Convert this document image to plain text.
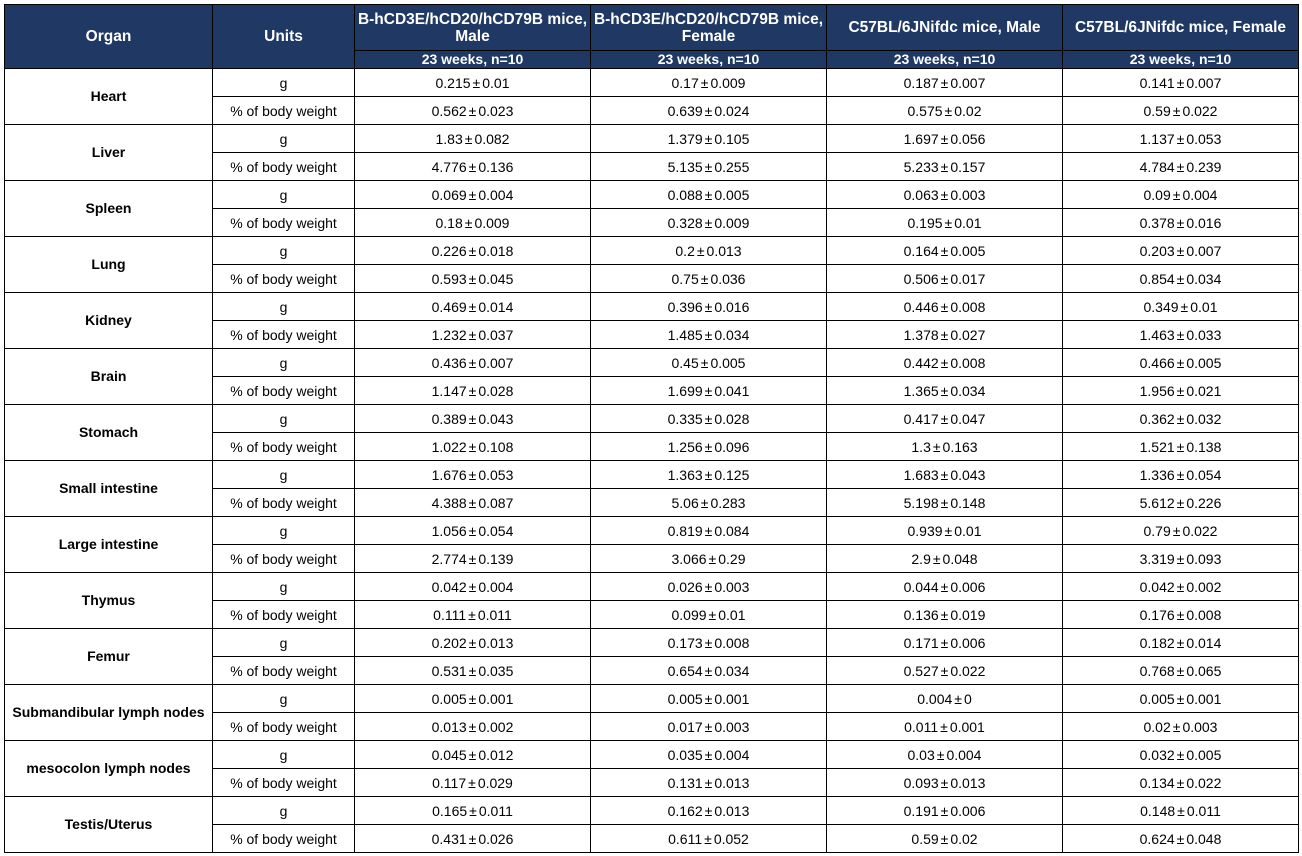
Organ	Units	B-hCD3E/hCD20/hCD79B mice, Male	B-hCD3E/hCD20/hCD79B mice, Female	C57BL/6JNifdc mice, Male	C57BL/6JNifdc mice, Female
		23 weeks, n=10	23 weeks, n=10	23 weeks, n=10	23 weeks, n=10
Heart	g	0.215 ± 0.01	0.17 ± 0.009	0.187 ± 0.007	0.141 ± 0.007
	% of body weight	0.562 ± 0.023	0.639 ± 0.024	0.575 ± 0.02	0.59 ± 0.022
Liver	g	1.83 ± 0.082	1.379 ± 0.105	1.697 ± 0.056	1.137 ± 0.053
	% of body weight	4.776 ± 0.136	5.135 ± 0.255	5.233 ± 0.157	4.784 ± 0.239
Spleen	g	0.069 ± 0.004	0.088 ± 0.005	0.063 ± 0.003	0.09 ± 0.004
	% of body weight	0.18 ± 0.009	0.328 ± 0.009	0.195 ± 0.01	0.378 ± 0.016
Lung	g	0.226 ± 0.018	0.2 ± 0.013	0.164 ± 0.005	0.203 ± 0.007
	% of body weight	0.593 ± 0.045	0.75 ± 0.036	0.506 ± 0.017	0.854 ± 0.034
Kidney	g	0.469 ± 0.014	0.396 ± 0.016	0.446 ± 0.008	0.349 ± 0.01
	% of body weight	1.232 ± 0.037	1.485 ± 0.034	1.378 ± 0.027	1.463 ± 0.033
Brain	g	0.436 ± 0.007	0.45 ± 0.005	0.442 ± 0.008	0.466 ± 0.005
	% of body weight	1.147 ± 0.028	1.699 ± 0.041	1.365 ± 0.034	1.956 ± 0.021
Stomach	g	0.389 ± 0.043	0.335 ± 0.028	0.417 ± 0.047	0.362 ± 0.032
	% of body weight	1.022 ± 0.108	1.256 ± 0.096	1.3 ± 0.163	1.521 ± 0.138
Small intestine	g	1.676 ± 0.053	1.363 ± 0.125	1.683 ± 0.043	1.336 ± 0.054
	% of body weight	4.388 ± 0.087	5.06 ± 0.283	5.198 ± 0.148	5.612 ± 0.226
Large intestine	g	1.056 ± 0.054	0.819 ± 0.084	0.939 ± 0.01	0.79 ± 0.022
	% of body weight	2.774 ± 0.139	3.066 ± 0.29	2.9 ± 0.048	3.319 ± 0.093
Thymus	g	0.042 ± 0.004	0.026 ± 0.003	0.044 ± 0.006	0.042 ± 0.002
	% of body weight	0.111 ± 0.011	0.099 ± 0.01	0.136 ± 0.019	0.176 ± 0.008
Femur	g	0.202 ± 0.013	0.173 ± 0.008	0.171 ± 0.006	0.182 ± 0.014
	% of body weight	0.531 ± 0.035	0.654 ± 0.034	0.527 ± 0.022	0.768 ± 0.065
Submandibular lymph nodes	g	0.005 ± 0.001	0.005 ± 0.001	0.004 ± 0	0.005 ± 0.001
	% of body weight	0.013 ± 0.002	0.017 ± 0.003	0.011 ± 0.001	0.02 ± 0.003
mesocolon lymph nodes	g	0.045 ± 0.012	0.035 ± 0.004	0.03 ± 0.004	0.032 ± 0.005
	% of body weight	0.117 ± 0.029	0.131 ± 0.013	0.093 ± 0.013	0.134 ± 0.022
Testis/Uterus	g	0.165 ± 0.011	0.162 ± 0.013	0.191 ± 0.006	0.148 ± 0.011
	% of body weight	0.431 ± 0.026	0.611 ± 0.052	0.59 ± 0.02	0.624 ± 0.048
